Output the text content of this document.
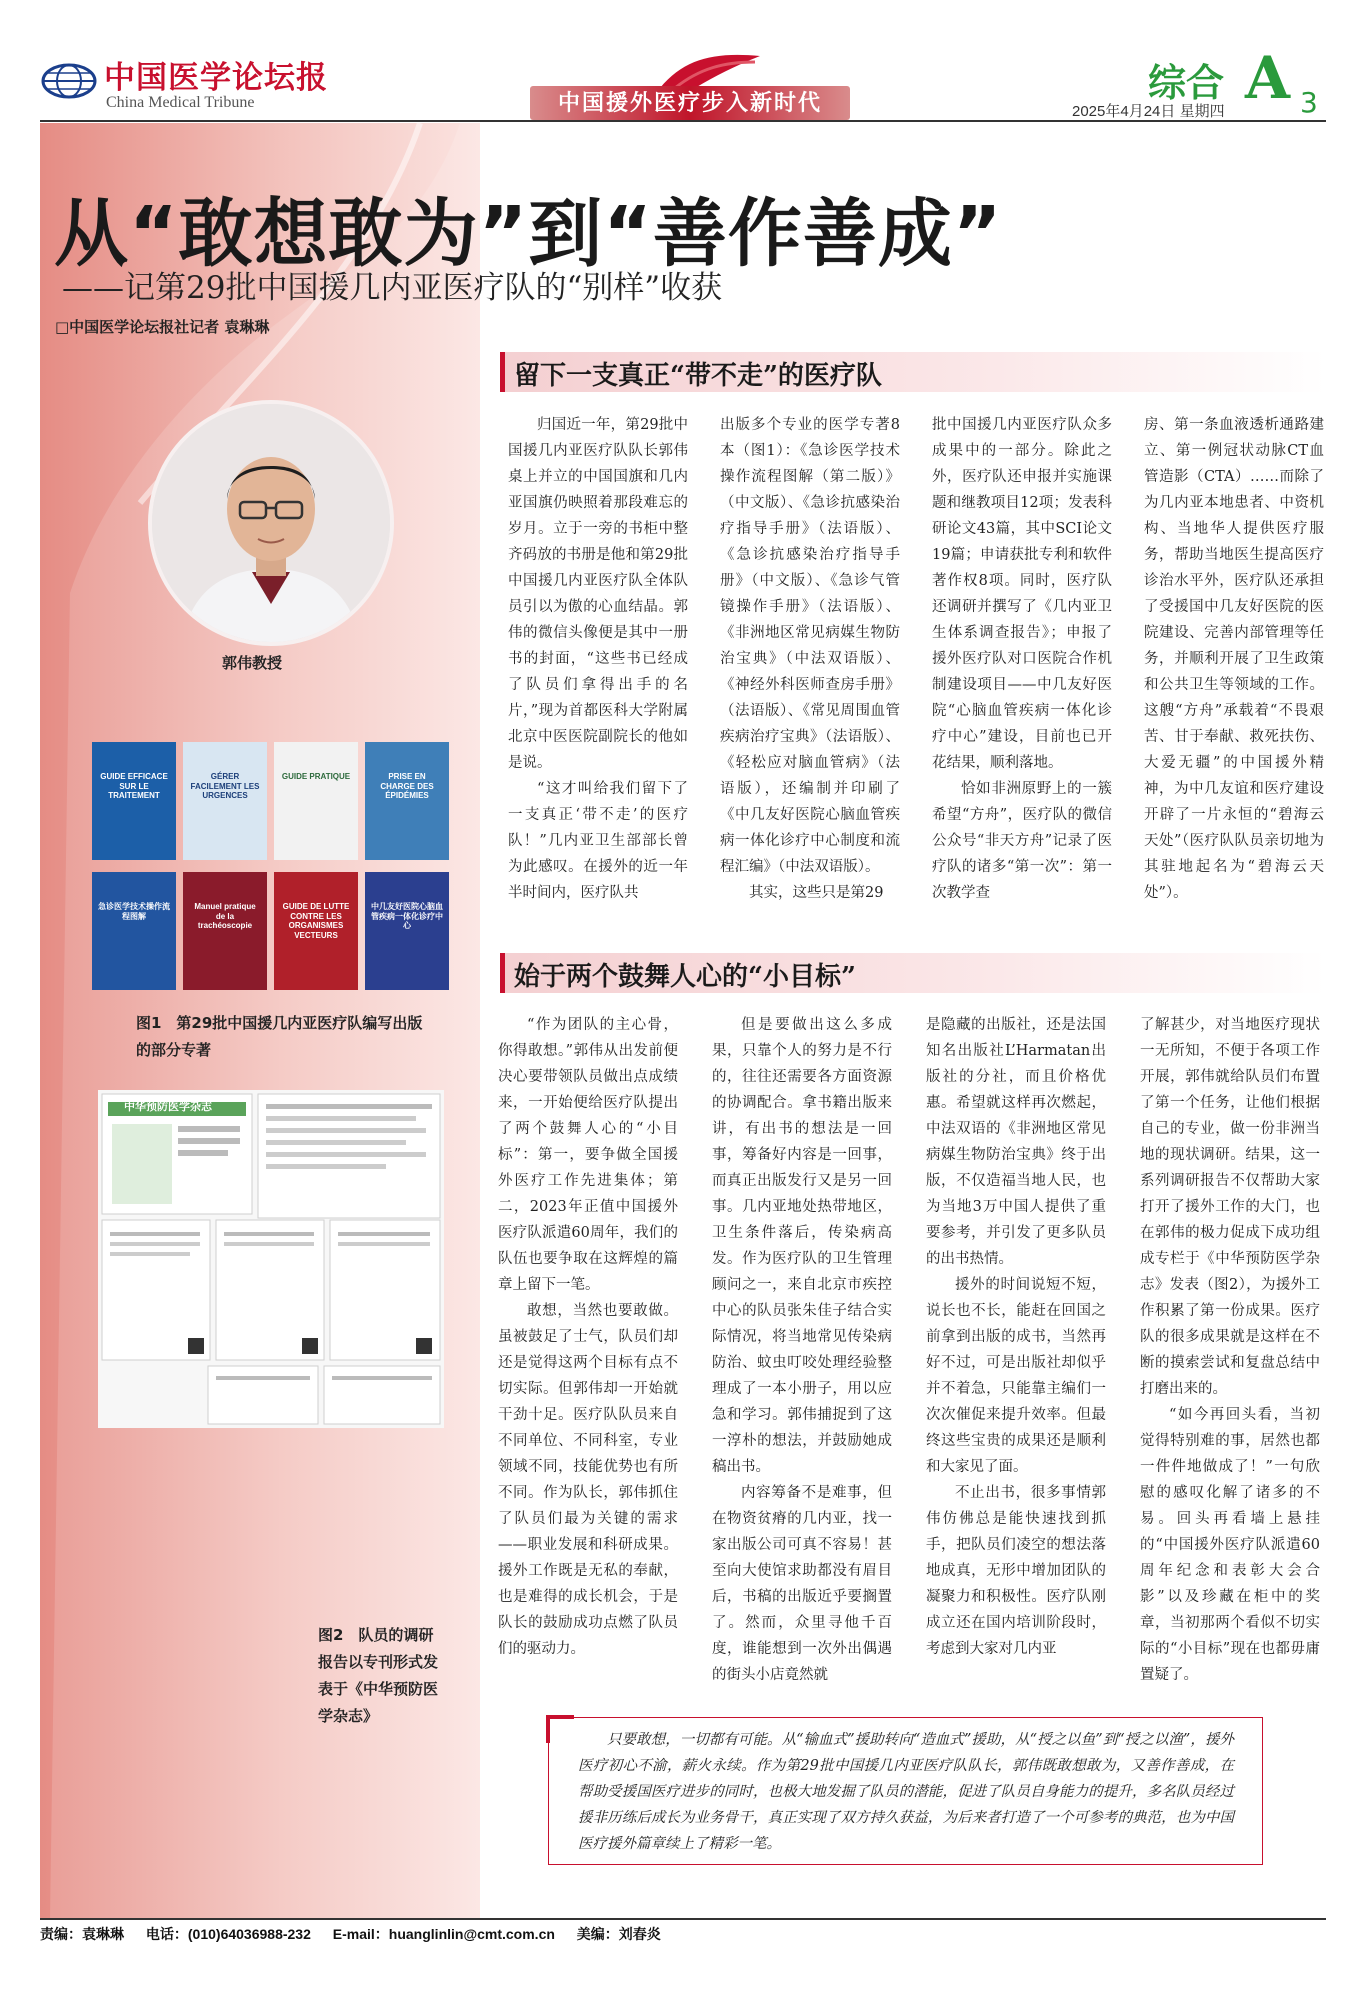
中国医学论坛报
China Medical Tribune	中国援外医疗步入新时代	综合 A 3
2025年4月24日 星期四
从“敢想敢为”到“善作善成”
——记第29批中国援几内亚医疗队的“别样”收获
□中国医学论坛报社记者 袁琳琳
郭伟教授
GUIDE EFFICACE SUR LE TRAITEMENT
GÉRER FACILEMENT LES URGENCES
GUIDE PRATIQUE	PRISE EN CHARGE DES ÉPIDÉMIES
急诊医学技术操作流程图解
Manuel pratique de la trachéoscopie
GUIDE DE LUTTE CONTRE LES ORGANISMES VECTEURS
中几友好医院心脑血管疾病一体化诊疗中心
图1　第29批中国援几内亚医疗队编写出版的部分专著
中华预防医学杂志
图2　队员的调研报告以专刊形式发表于《中华预防医学杂志》
留下一支真正“带不走”的医疗队

归国近一年，第29批中国援几内亚医疗队队长郭伟桌上并立的中国国旗和几内亚国旗仍映照着那段难忘的岁月。立于一旁的书柜中整齐码放的书册是他和第29批中国援几内亚医疗队全体队员引以为傲的心血结晶。郭伟的微信头像便是其中一册书的封面，“这些书已经成了队员们拿得出手的名片，”现为首都医科大学附属北京中医医院副院长的他如是说。

“这才叫给我们留下了一支真正‘带不走’的医疗队！”几内亚卫生部部长曾为此感叹。在援外的近一年半时间内，医疗队共

出版多个专业的医学专著8本（图1）：《急诊医学技术操作流程图解（第二版）》（中文版）、《急诊抗感染治疗指导手册》（法语版）、《急诊抗感染治疗指导手册》（中文版）、《急诊气管镜操作手册》（法语版）、《非洲地区常见病媒生物防治宝典》（中法双语版）、《神经外科医师查房手册》（法语版）、《常见周围血管疾病治疗宝典》（法语版）、《轻松应对脑血管病》（法语版），还编制并印刷了《中几友好医院心脑血管疾病一体化诊疗中心制度和流程汇编》（中法双语版）。

其实，这些只是第29

批中国援几内亚医疗队众多成果中的一部分。除此之外，医疗队还申报并实施课题和继教项目12项；发表科研论文43篇，其中SCI论文19篇；申请获批专利和软件著作权8项。同时，医疗队还调研并撰写了《几内亚卫生体系调查报告》；申报了援外医疗队对口医院合作机制建设项目——中几友好医院“心脑血管疾病一体化诊疗中心”建设，目前也已开花结果，顺利落地。

恰如非洲原野上的一簇希望“方舟”，医疗队的微信公众号“非天方舟”记录了医疗队的诸多“第一次”：第一次教学查

房、第一条血液透析通路建立、第一例冠状动脉CT血管造影（CTA）……而除了为几内亚本地患者、中资机构、当地华人提供医疗服务，帮助当地医生提高医疗诊治水平外，医疗队还承担了受援国中几友好医院的医院建设、完善内部管理等任务，并顺利开展了卫生政策和公共卫生等领域的工作。这艘“方舟”承载着“不畏艰苦、甘于奉献、救死扶伤、大爱无疆”的中国援外精神，为中几友谊和医疗建设开辟了一片永恒的“碧海云天处”（医疗队队员亲切地为其驻地起名为“碧海云天处”）。

始于两个鼓舞人心的“小目标”

“作为团队的主心骨，你得敢想。”郭伟从出发前便决心要带领队员做出点成绩来，一开始便给医疗队提出了两个鼓舞人心的“小目标”：第一，要争做全国援外医疗工作先进集体；第二，2023年正值中国援外医疗队派遣60周年，我们的队伍也要争取在这辉煌的篇章上留下一笔。

敢想，当然也要敢做。虽被鼓足了士气，队员们却还是觉得这两个目标有点不切实际。但郭伟却一开始就干劲十足。医疗队队员来自不同单位、不同科室，专业领域不同，技能优势也有所不同。作为队长，郭伟抓住了队员们最为关键的需求——职业发展和科研成果。援外工作既是无私的奉献，也是难得的成长机会，于是队长的鼓励成功点燃了队员们的驱动力。

但是要做出这么多成果，只靠个人的努力是不行的，往往还需要各方面资源的协调配合。拿书籍出版来讲，有出书的想法是一回事，筹备好内容是一回事，而真正出版发行又是另一回事。几内亚地处热带地区，卫生条件落后，传染病高发。作为医疗队的卫生管理顾问之一，来自北京市疾控中心的队员张朱佳子结合实际情况，将当地常见传染病防治、蚊虫叮咬处理经验整理成了一本小册子，用以应急和学习。郭伟捕捉到了这一淳朴的想法，并鼓励她成稿出书。

内容筹备不是难事，但在物资贫瘠的几内亚，找一家出版公司可真不容易！甚至向大使馆求助都没有眉目后，书稿的出版近乎要搁置了。然而，众里寻他千百度，谁能想到一次外出偶遇的街头小店竟然就

是隐藏的出版社，还是法国知名出版社L’Harmatan出版社的分社，而且价格优惠。希望就这样再次燃起，中法双语的《非洲地区常见病媒生物防治宝典》终于出版，不仅造福当地人民，也为当地3万中国人提供了重要参考，并引发了更多队员的出书热情。

援外的时间说短不短，说长也不长，能赶在回国之前拿到出版的成书，当然再好不过，可是出版社却似乎并不着急，只能靠主编们一次次催促来提升效率。但最终这些宝贵的成果还是顺利和大家见了面。

不止出书，很多事情郭伟仿佛总是能快速找到抓手，把队员们凌空的想法落地成真，无形中增加团队的凝聚力和积极性。医疗队刚成立还在国内培训阶段时，考虑到大家对几内亚

了解甚少，对当地医疗现状一无所知，不便于各项工作开展，郭伟就给队员们布置了第一个任务，让他们根据自己的专业，做一份非洲当地的现状调研。结果，这一系列调研报告不仅帮助大家打开了援外工作的大门，也在郭伟的极力促成下成功组成专栏于《中华预防医学杂志》发表（图2），为援外工作积累了第一份成果。医疗队的很多成果就是这样在不断的摸索尝试和复盘总结中打磨出来的。

“如今再回头看，当初觉得特别难的事，居然也都一件件地做成了！”一句欣慰的感叹化解了诸多的不易。回头再看墙上悬挂的“中国援外医疗队派遣60周年纪念和表彰大会合影”以及珍藏在柜中的奖章，当初那两个看似不切实际的“小目标”现在也都毋庸置疑了。

只要敢想，一切都有可能。从“输血式”援助转向“造血式”援助，从“授之以鱼”到“授之以渔”，援外医疗初心不渝，薪火永续。作为第29批中国援几内亚医疗队队长，郭伟既敢想敢为，又善作善成，在帮助受援国医疗进步的同时，也极大地发掘了队员的潜能，促进了队员自身能力的提升，多名队员经过援非历练后成长为业务骨干，真正实现了双方持久获益，为后来者打造了一个可参考的典范，也为中国医疗援外篇章续上了精彩一笔。
责编：袁琳琳 电话：(010)64036988-232 E-mail：huanglinlin@cmt.com.cn 美编：刘春炎
